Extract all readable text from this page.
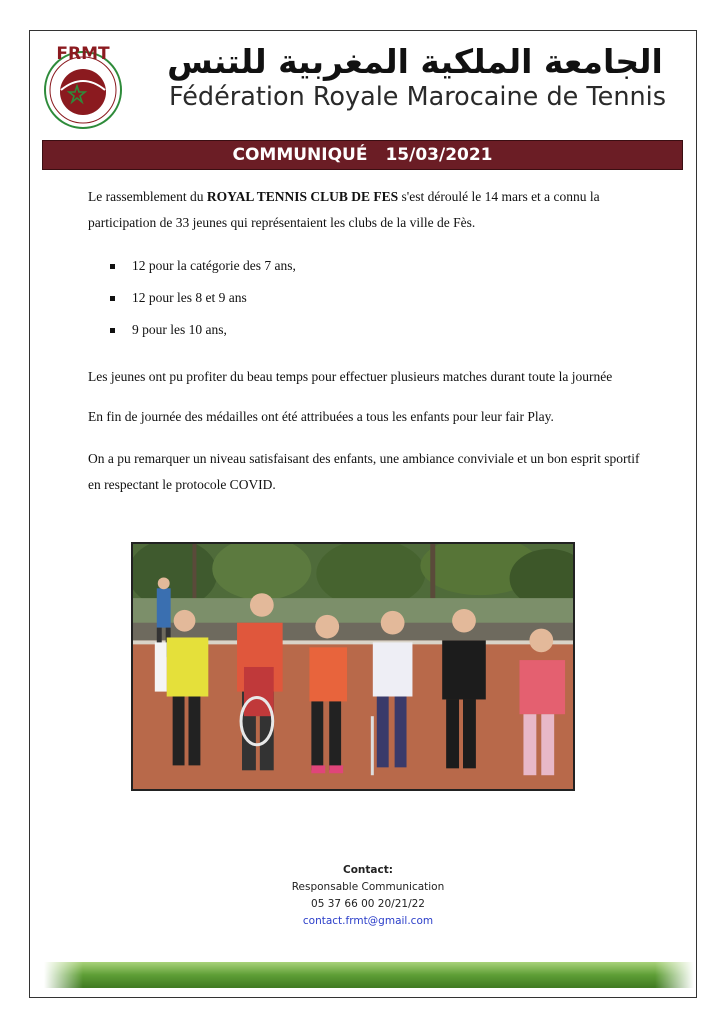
FRMT	الجامعة الملكية المغربية للتنس
Fédération Royale Marocaine de Tennis
COMMUNIQUÉ 15/03/2021
Le rassemblement du ROYAL TENNIS CLUB DE FES s'est déroulé le 14 mars et a connu la participation de 33 jeunes qui représentaient les clubs de la ville de Fès.
12 pour la catégorie des 7 ans,
12 pour les 8 et 9 ans
9 pour les 10 ans,
Les jeunes ont pu profiter du beau temps pour effectuer plusieurs matches durant toute la journée
En fin de journée des médailles ont été attribuées a tous les enfants pour leur fair Play.
On a pu remarquer un niveau satisfaisant des enfants, une ambiance conviviale et un bon esprit sportif en respectant le protocole COVID.
Contact:
Responsable Communication
05 37 66 00 20/21/22
contact.frmt@gmail.com
